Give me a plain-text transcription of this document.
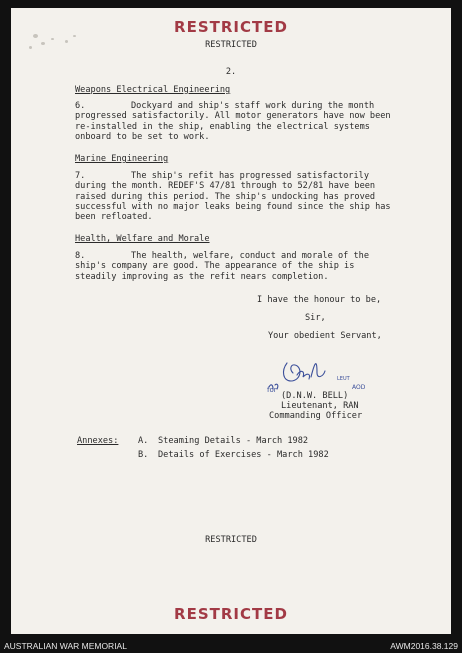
RESTRICTED
RESTRICTED
2.
Weapons Electrical Engineering
6.	Dockyard and ship's staff work during the month progressed satisfactorily. All motor generators have now been re-installed in the ship, enabling the electrical systems onboard to be set to work.
Marine Engineering
7.	The ship's refit has progressed satisfactorily during the month. REDEF'S 47/81 through to 52/81 have been raised during this period. The ship's undocking has proved successful with no major leaks being found since the ship has been refloated.
Health, Welfare and Morale
8.	The health, welfare, conduct and morale of the ship's company are good. The appearance of the ship is steadily improving as the refit nears completion.
I have the honour to be,
Sir,
Your obedient Servant,
for
LEUT
AOD
(D.N.W. BELL)
Lieutenant, RAN
Commanding Officer
Annexes: A. Steaming Details - March 1982
B. Details of Exercises - March 1982
RESTRICTED
RESTRICTED
AUSTRALIAN WAR MEMORIAL	AWM2016.38.129
